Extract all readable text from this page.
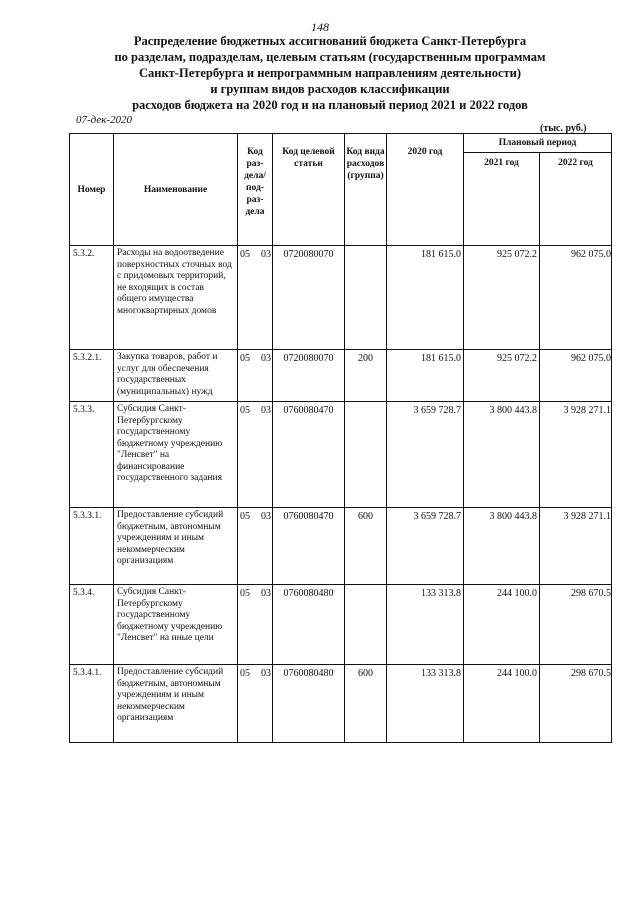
148
Распределение бюджетных ассигнований бюджета Санкт-Петербурга
по разделам, подразделам, целевым статьям (государственным программам
Санкт-Петербурга и непрограммным направлениям деятельности)
и группам видов расходов классификации
расходов бюджета на 2020 год и на плановый период 2021 и 2022 годов
07-дек-2020
(тыс. руб.)
Номер	Наименование	Код раз- дела/ под- раз- дела	Код целевой статьи	Код вида расходов (группа)	2020 год	Плановый период	
						2021 год	2022 год
5.3.2.	Расходы на водоотведение поверхностных сточных вод с придомовых территорий, не входящих в состав общего имущества многоквартирных домов	05 03	0720080070		181 615.0	925 072.2	962 075.0
5.3.2.1.	Закупка товаров, работ и услуг для обеспечения государственных (муниципальных) нужд	05 03	0720080070	200	181 615.0	925 072.2	962 075.0
5.3.3.	Субсидия Санкт-Петербургскому государственному бюджетному учреждению "Ленсвет" на финансирование государственного задания	05 03	0760080470		3 659 728.7	3 800 443.8	3 928 271.1
5.3.3.1.	Предоставление субсидий бюджетным, автономным учреждениям и иным некоммерческим организациям	05 03	0760080470	600	3 659 728.7	3 800 443.8	3 928 271.1
5.3.4.	Субсидия Санкт-Петербургскому государственному бюджетному учреждению "Ленсвет" на иные цели	05 03	0760080480		133 313.8	244 100.0	298 670.5
5.3.4.1.	Предоставление субсидий бюджетным, автономным учреждениям и иным некоммерческим организациям	05 03	0760080480	600	133 313.8	244 100.0	298 670.5
